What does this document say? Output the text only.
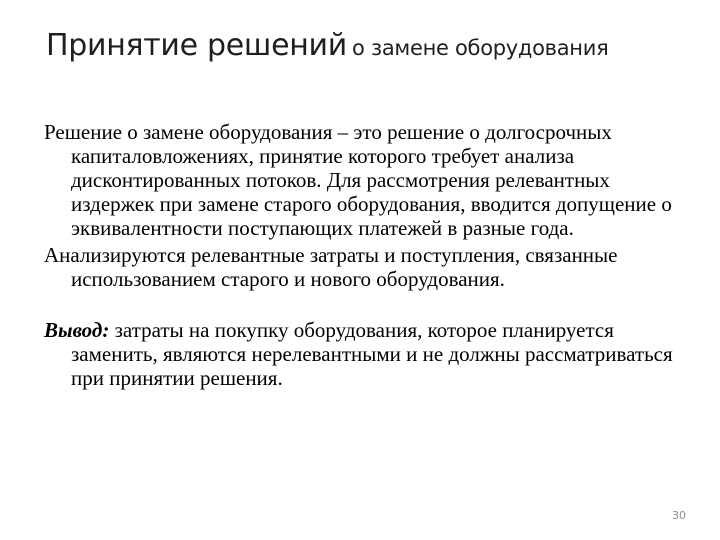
Принятие решений о замене оборудования

Решение о замене оборудования – это решение о долгосрочных капиталовложениях, принятие которого требует анализа дисконтированных потоков. Для рассмотрения релевантных издержек при замене старого оборудования, вводится допущение о эквивалентности поступающих платежей в разные года.

Анализируются релевантные затраты и поступления, связанные использованием старого и нового оборудования.

Вывод: затраты на покупку оборудования, которое планируется заменить, являются нерелевантными и не должны рассматриваться при принятии решения.

30
